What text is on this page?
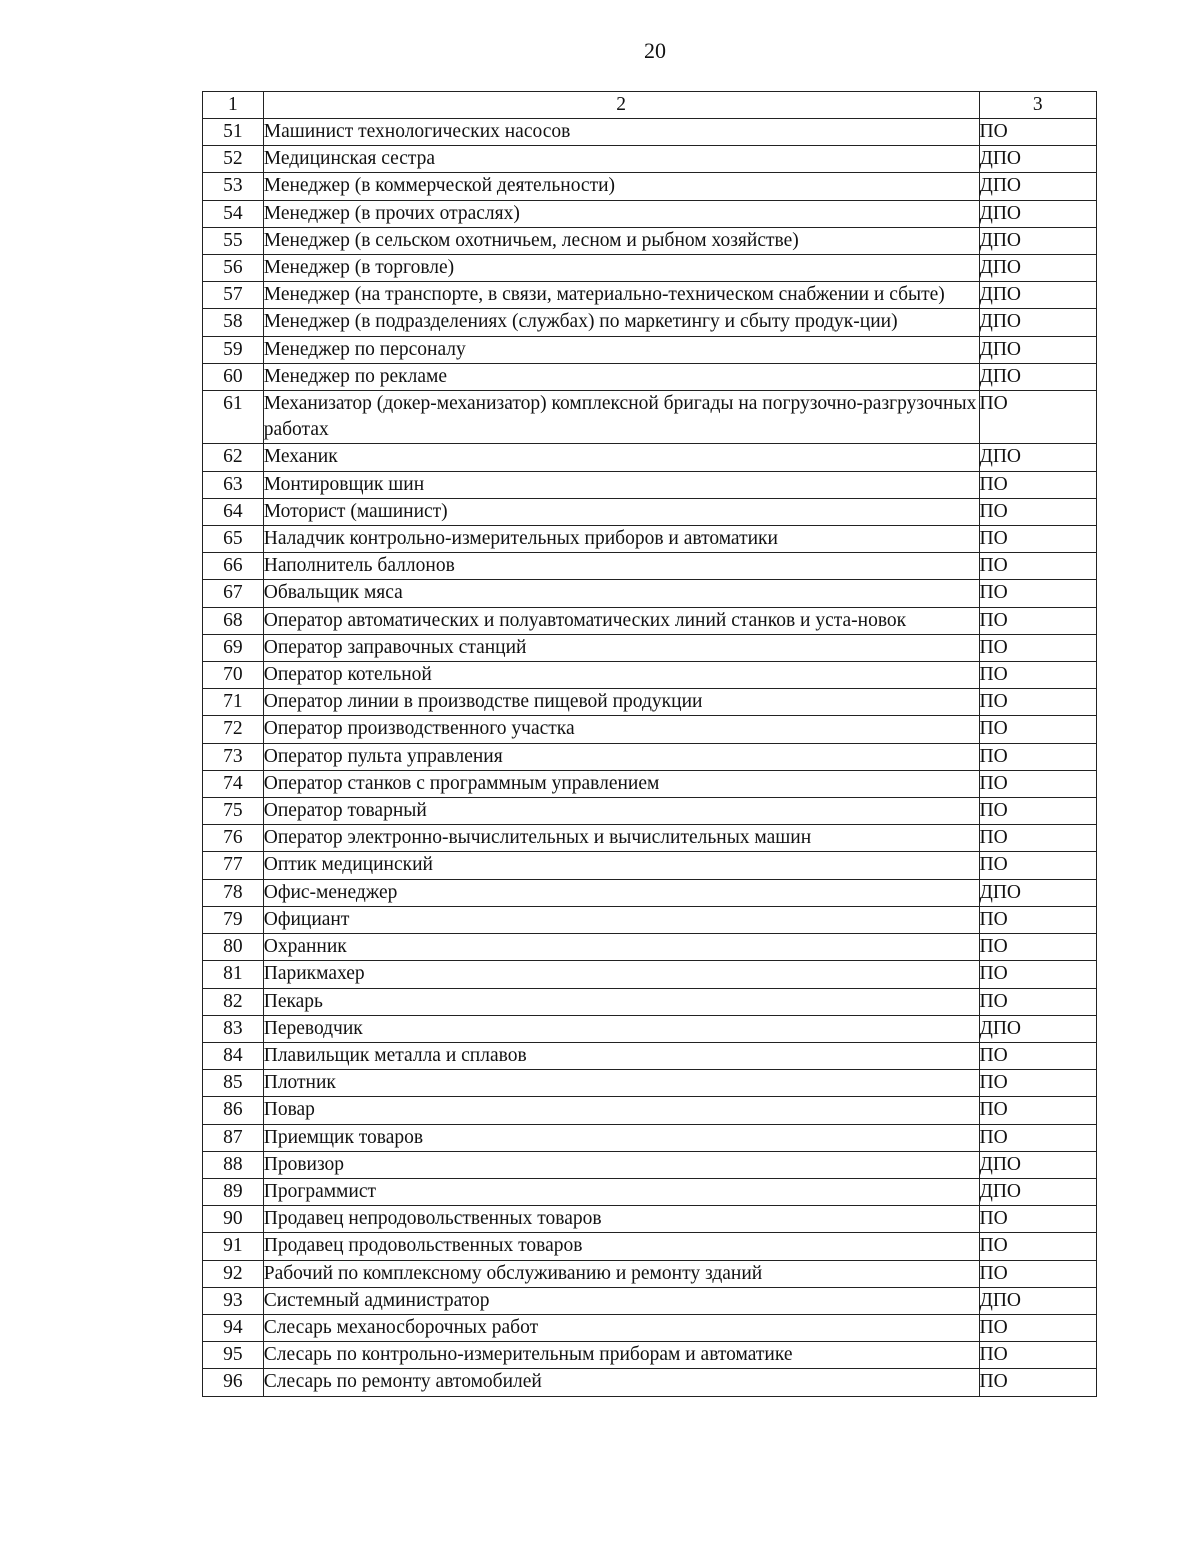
20
1	2	3
51	Машинист технологических насосов	ПО
52	Медицинская сестра	ДПО
53	Менеджер (в коммерческой деятельности)	ДПО
54	Менеджер (в прочих отраслях)	ДПО
55	Менеджер (в сельском охотничьем, лесном и рыбном хозяйстве)	ДПО
56	Менеджер (в торговле)	ДПО
57	Менеджер (на транспорте, в связи, материально-техническом снабжении и сбыте)	ДПО
58	Менеджер (в подразделениях (службах) по маркетингу и сбыту продук-ции)	ДПО
59	Менеджер по персоналу	ДПО
60	Менеджер по рекламе	ДПО
61	Механизатор (докер-механизатор) комплексной бригады на погрузочно-разгрузочных работах	ПО
62	Механик	ДПО
63	Монтировщик шин	ПО
64	Моторист (машинист)	ПО
65	Наладчик контрольно-измерительных приборов и автоматики	ПО
66	Наполнитель баллонов	ПО
67	Обвальщик мяса	ПО
68	Оператор автоматических и полуавтоматических линий станков и уста-новок	ПО
69	Оператор заправочных станций	ПО
70	Оператор котельной	ПО
71	Оператор линии в производстве пищевой продукции	ПО
72	Оператор производственного участка	ПО
73	Оператор пульта управления	ПО
74	Оператор станков с программным управлением	ПО
75	Оператор товарный	ПО
76	Оператор электронно-вычислительных и вычислительных машин	ПО
77	Оптик медицинский	ПО
78	Офис-менеджер	ДПО
79	Официант	ПО
80	Охранник	ПО
81	Парикмахер	ПО
82	Пекарь	ПО
83	Переводчик	ДПО
84	Плавильщик металла и сплавов	ПО
85	Плотник	ПО
86	Повар	ПО
87	Приемщик товаров	ПО
88	Провизор	ДПО
89	Программист	ДПО
90	Продавец непродовольственных товаров	ПО
91	Продавец продовольственных товаров	ПО
92	Рабочий по комплексному обслуживанию и ремонту зданий	ПО
93	Системный администратор	ДПО
94	Слесарь механосборочных работ	ПО
95	Слесарь по контрольно-измерительным приборам и автоматике	ПО
96	Слесарь по ремонту автомобилей	ПО
